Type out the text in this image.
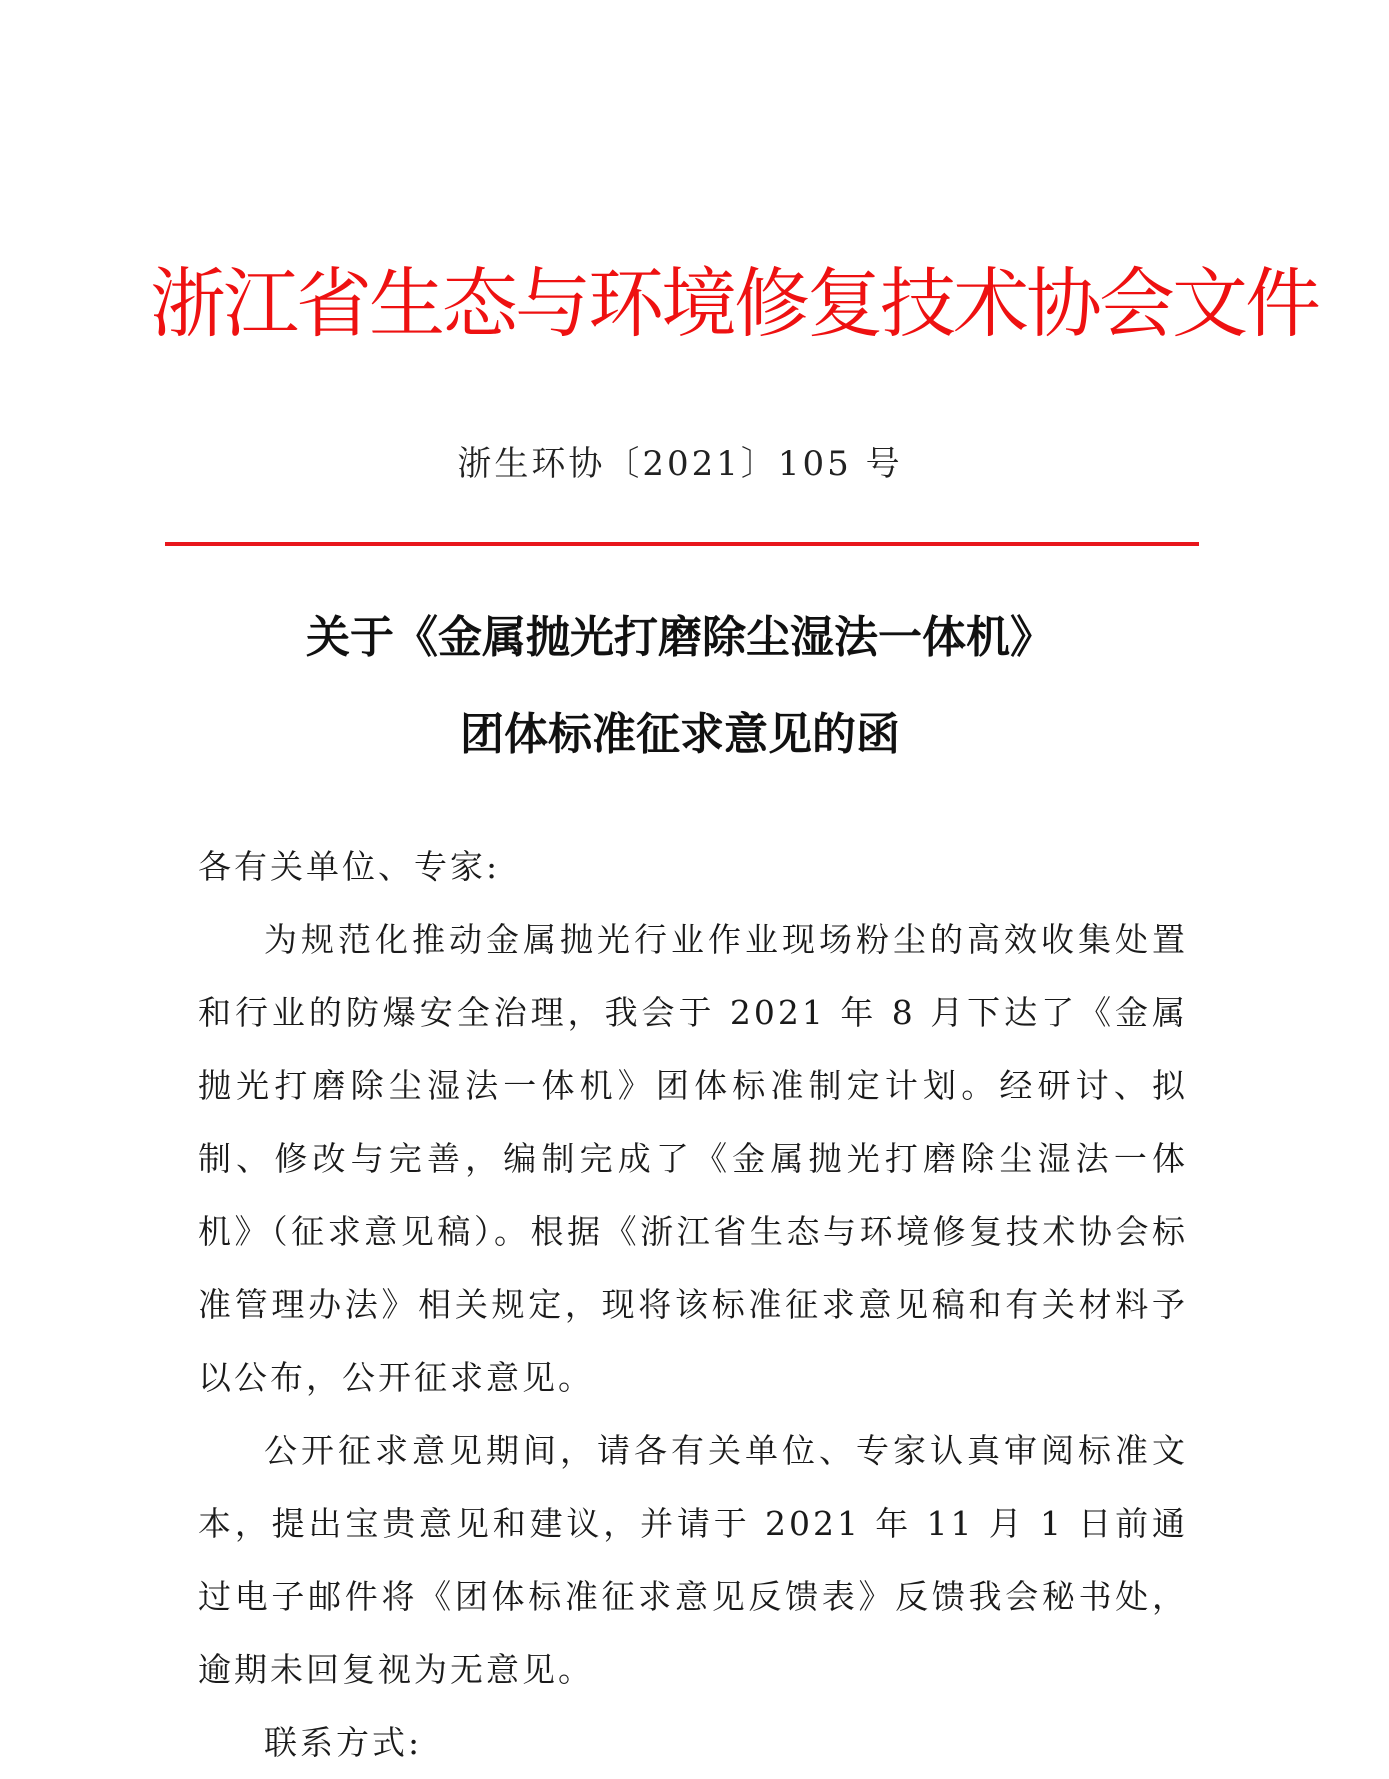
浙江省生态与环境修复技术协会文件
浙生环协〔2021〕105 号
关于《金属抛光打磨除尘湿法一体机》
团体标准征求意见的函

各有关单位、专家:

为规范化推动金属抛光行业作业现场粉尘的高效收集处置和行业的防爆安全治理，我会于 2021 年 8 月下达了《金属抛光打磨除尘湿法一体机》团体标准制定计划。经研讨、拟制、修改与完善，编制完成了《金属抛光打磨除尘湿法一体机》（征求意见稿）。根据《浙江省生态与环境修复技术协会标准管理办法》相关规定，现将该标准征求意见稿和有关材料予以公布，公开征求意见。

公开征求意见期间，请各有关单位、专家认真审阅标准文本，提出宝贵意见和建议，并请于 2021 年 11 月 1 日前通过电子邮件将《团体标准征求意见反馈表》反馈我会秘书处，逾期未回复视为无意见。

联系方式:
